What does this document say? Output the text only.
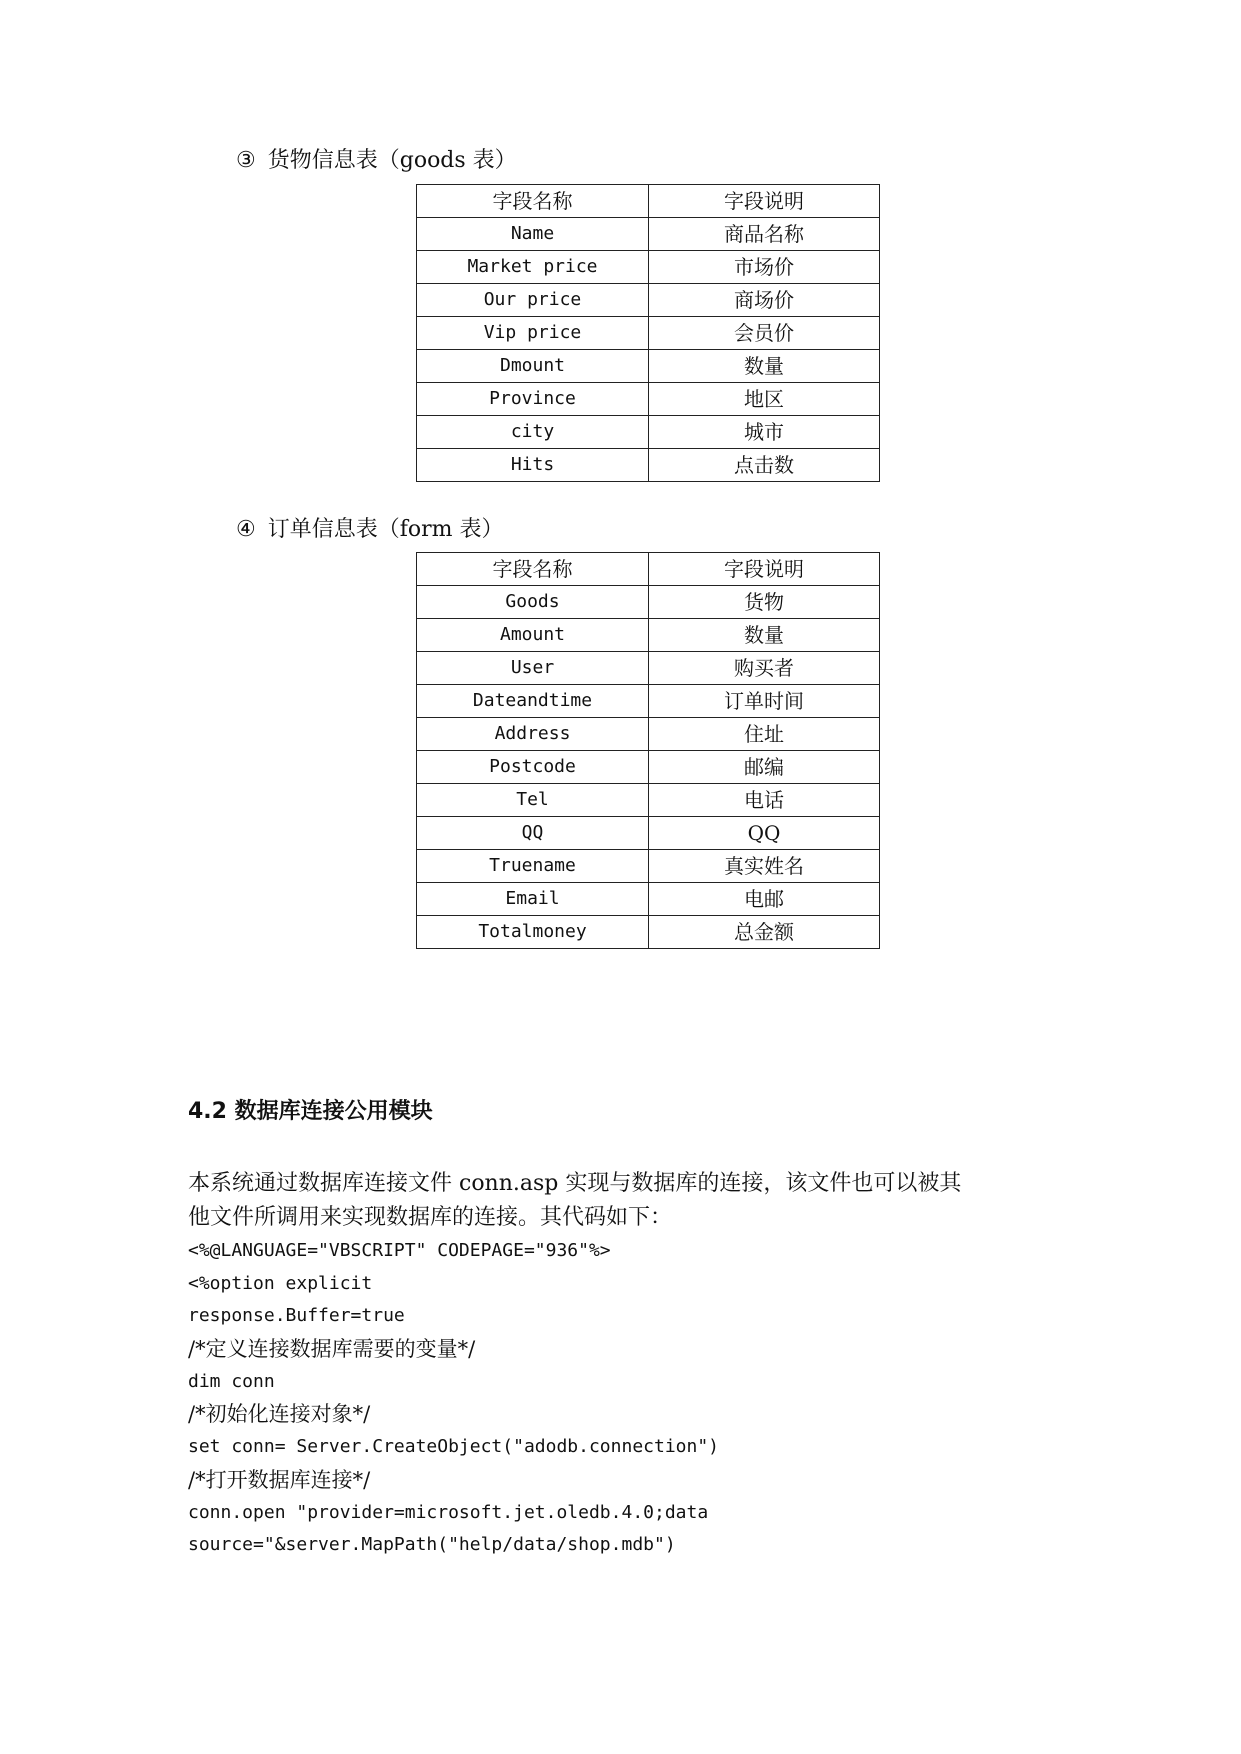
③ 货物信息表（goods 表）
字段名称	字段说明
Name	商品名称
Market price	市场价
Our price	商场价
Vip price	会员价
Dmount	数量
Province	地区
city	城市
Hits	点击数
④ 订单信息表（form 表）
字段名称	字段说明
Goods	货物
Amount	数量
User	购买者
Dateandtime	订单时间
Address	住址
Postcode	邮编
Tel	电话
QQ	QQ
Truename	真实姓名
Email	电邮
Totalmoney	总金额
4.2 数据库连接公用模块
本系统通过数据库连接文件 conn.asp 实现与数据库的连接，该文件也可以被其
他文件所调用来实现数据库的连接。其代码如下：
<%@LANGUAGE="VBSCRIPT" CODEPAGE="936"%>
<%option explicit
response.Buffer=true
/*定义连接数据库需要的变量*/
dim conn
/*初始化连接对象*/
set conn= Server.CreateObject("adodb.connection")
/*打开数据库连接*/
conn.open "provider=microsoft.jet.oledb.4.0;data
source="&server.MapPath("help/data/shop.mdb")
